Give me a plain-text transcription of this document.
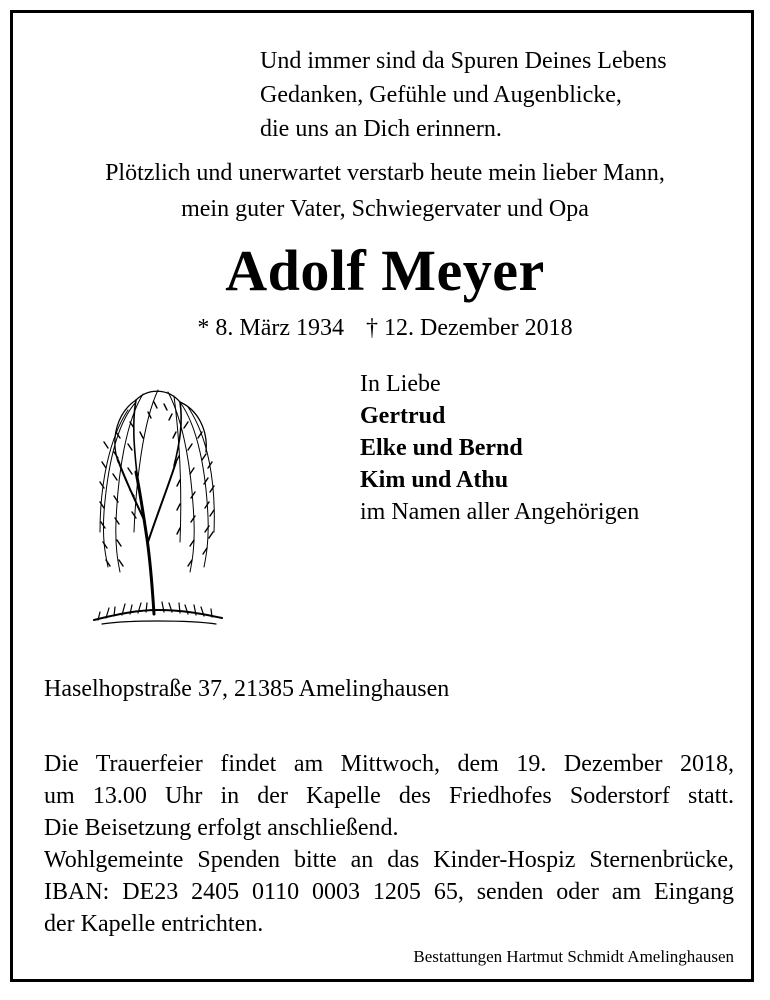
Und immer sind da Spuren Deines Lebens
Gedanken, Gefühle und Augenblicke,
die uns an Dich erinnern.
Plötzlich und unerwartet verstarb heute mein lieber Mann,
mein guter Vater, Schwiegervater und Opa
Adolf Meyer
* 8. März 1934 † 12. Dezember 2018
In Liebe
Gertrud
Elke und Bernd
Kim und Athu
im Namen aller Angehörigen
Haselhopstraße 37, 21385 Amelinghausen
Die Trauerfeier findet am Mittwoch, dem 19. Dezember 2018,
um 13.00 Uhr in der Kapelle des Friedhofes Soderstorf statt.
Die Beisetzung erfolgt anschließend.
Wohlgemeinte Spenden bitte an das Kinder-Hospiz Sternenbrücke,
IBAN: DE23 2405 0110 0003 1205 65, senden oder am Eingang
der Kapelle entrichten.
Bestattungen Hartmut Schmidt Amelinghausen
